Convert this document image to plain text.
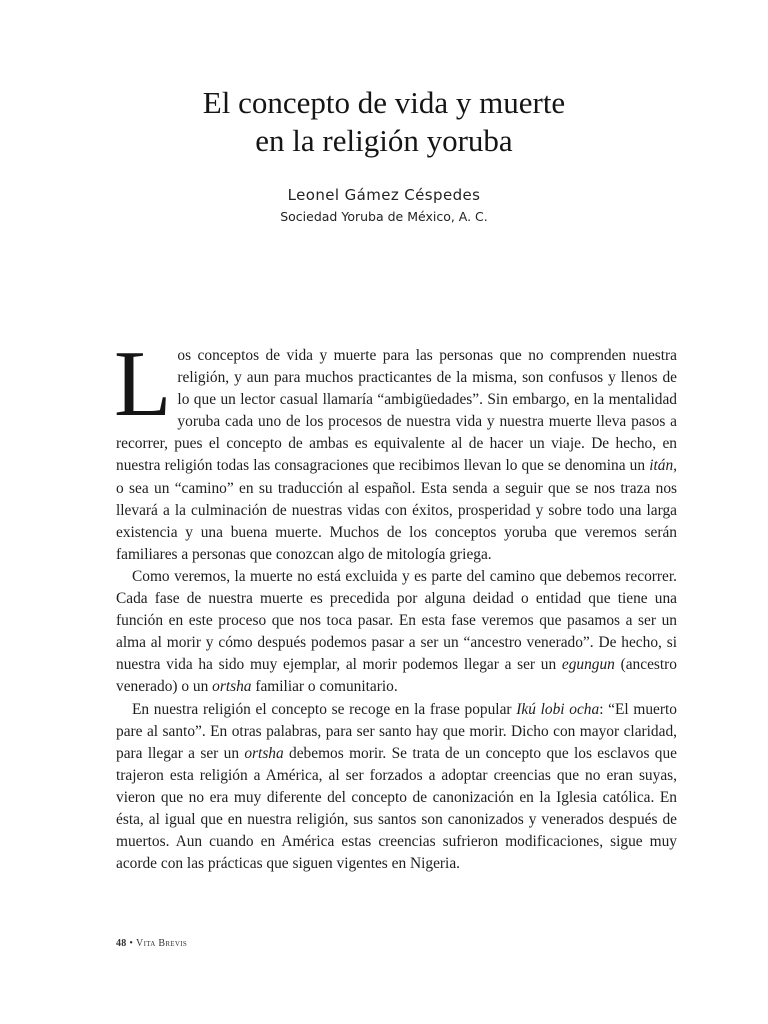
El concepto de vida y muerte
en la religión yoruba
Leonel Gámez Céspedes
Sociedad Yoruba de México, A. C.

Los conceptos de vida y muerte para las personas que no comprenden nuestra religión, y aun para muchos practicantes de la misma, son confusos y llenos de lo que un lector casual llamaría “ambigüedades”. Sin embargo, en la mentalidad yoruba cada uno de los procesos de nuestra vida y nuestra muerte lleva pasos a recorrer, pues el concepto de ambas es equivalente al de hacer un viaje. De hecho, en nuestra religión todas las consagraciones que recibimos llevan lo que se denomina un itán, o sea un “camino” en su traducción al español. Esta senda a seguir que se nos traza nos llevará a la culminación de nuestras vidas con éxitos, prosperidad y sobre todo una larga existencia y una buena muerte. Muchos de los conceptos yoruba que veremos serán familiares a personas que conozcan algo de mitología griega.

Como veremos, la muerte no está excluida y es parte del camino que debemos recorrer. Cada fase de nuestra muerte es precedida por alguna deidad o entidad que tiene una función en este proceso que nos toca pasar. En esta fase veremos que pasamos a ser un alma al morir y cómo después podemos pasar a ser un “ancestro venerado”. De hecho, si nuestra vida ha sido muy ejemplar, al morir podemos llegar a ser un egungun (ancestro venerado) o un ortsha familiar o comunitario.

En nuestra religión el concepto se recoge en la frase popular Ikú lobi ocha: “El muerto pare al santo”. En otras palabras, para ser santo hay que morir. Dicho con mayor claridad, para llegar a ser un ortsha debemos morir. Se trata de un concepto que los esclavos que trajeron esta religión a América, al ser forzados a adoptar creencias que no eran suyas, vieron que no era muy diferente del concepto de canonización en la Iglesia católica. En ésta, al igual que en nuestra religión, sus santos son canonizados y venerados después de muertos. Aun cuando en América estas creencias sufrieron modificaciones, sigue muy acorde con las prácticas que siguen vigentes en Nigeria.

48 • Vita Brevis
